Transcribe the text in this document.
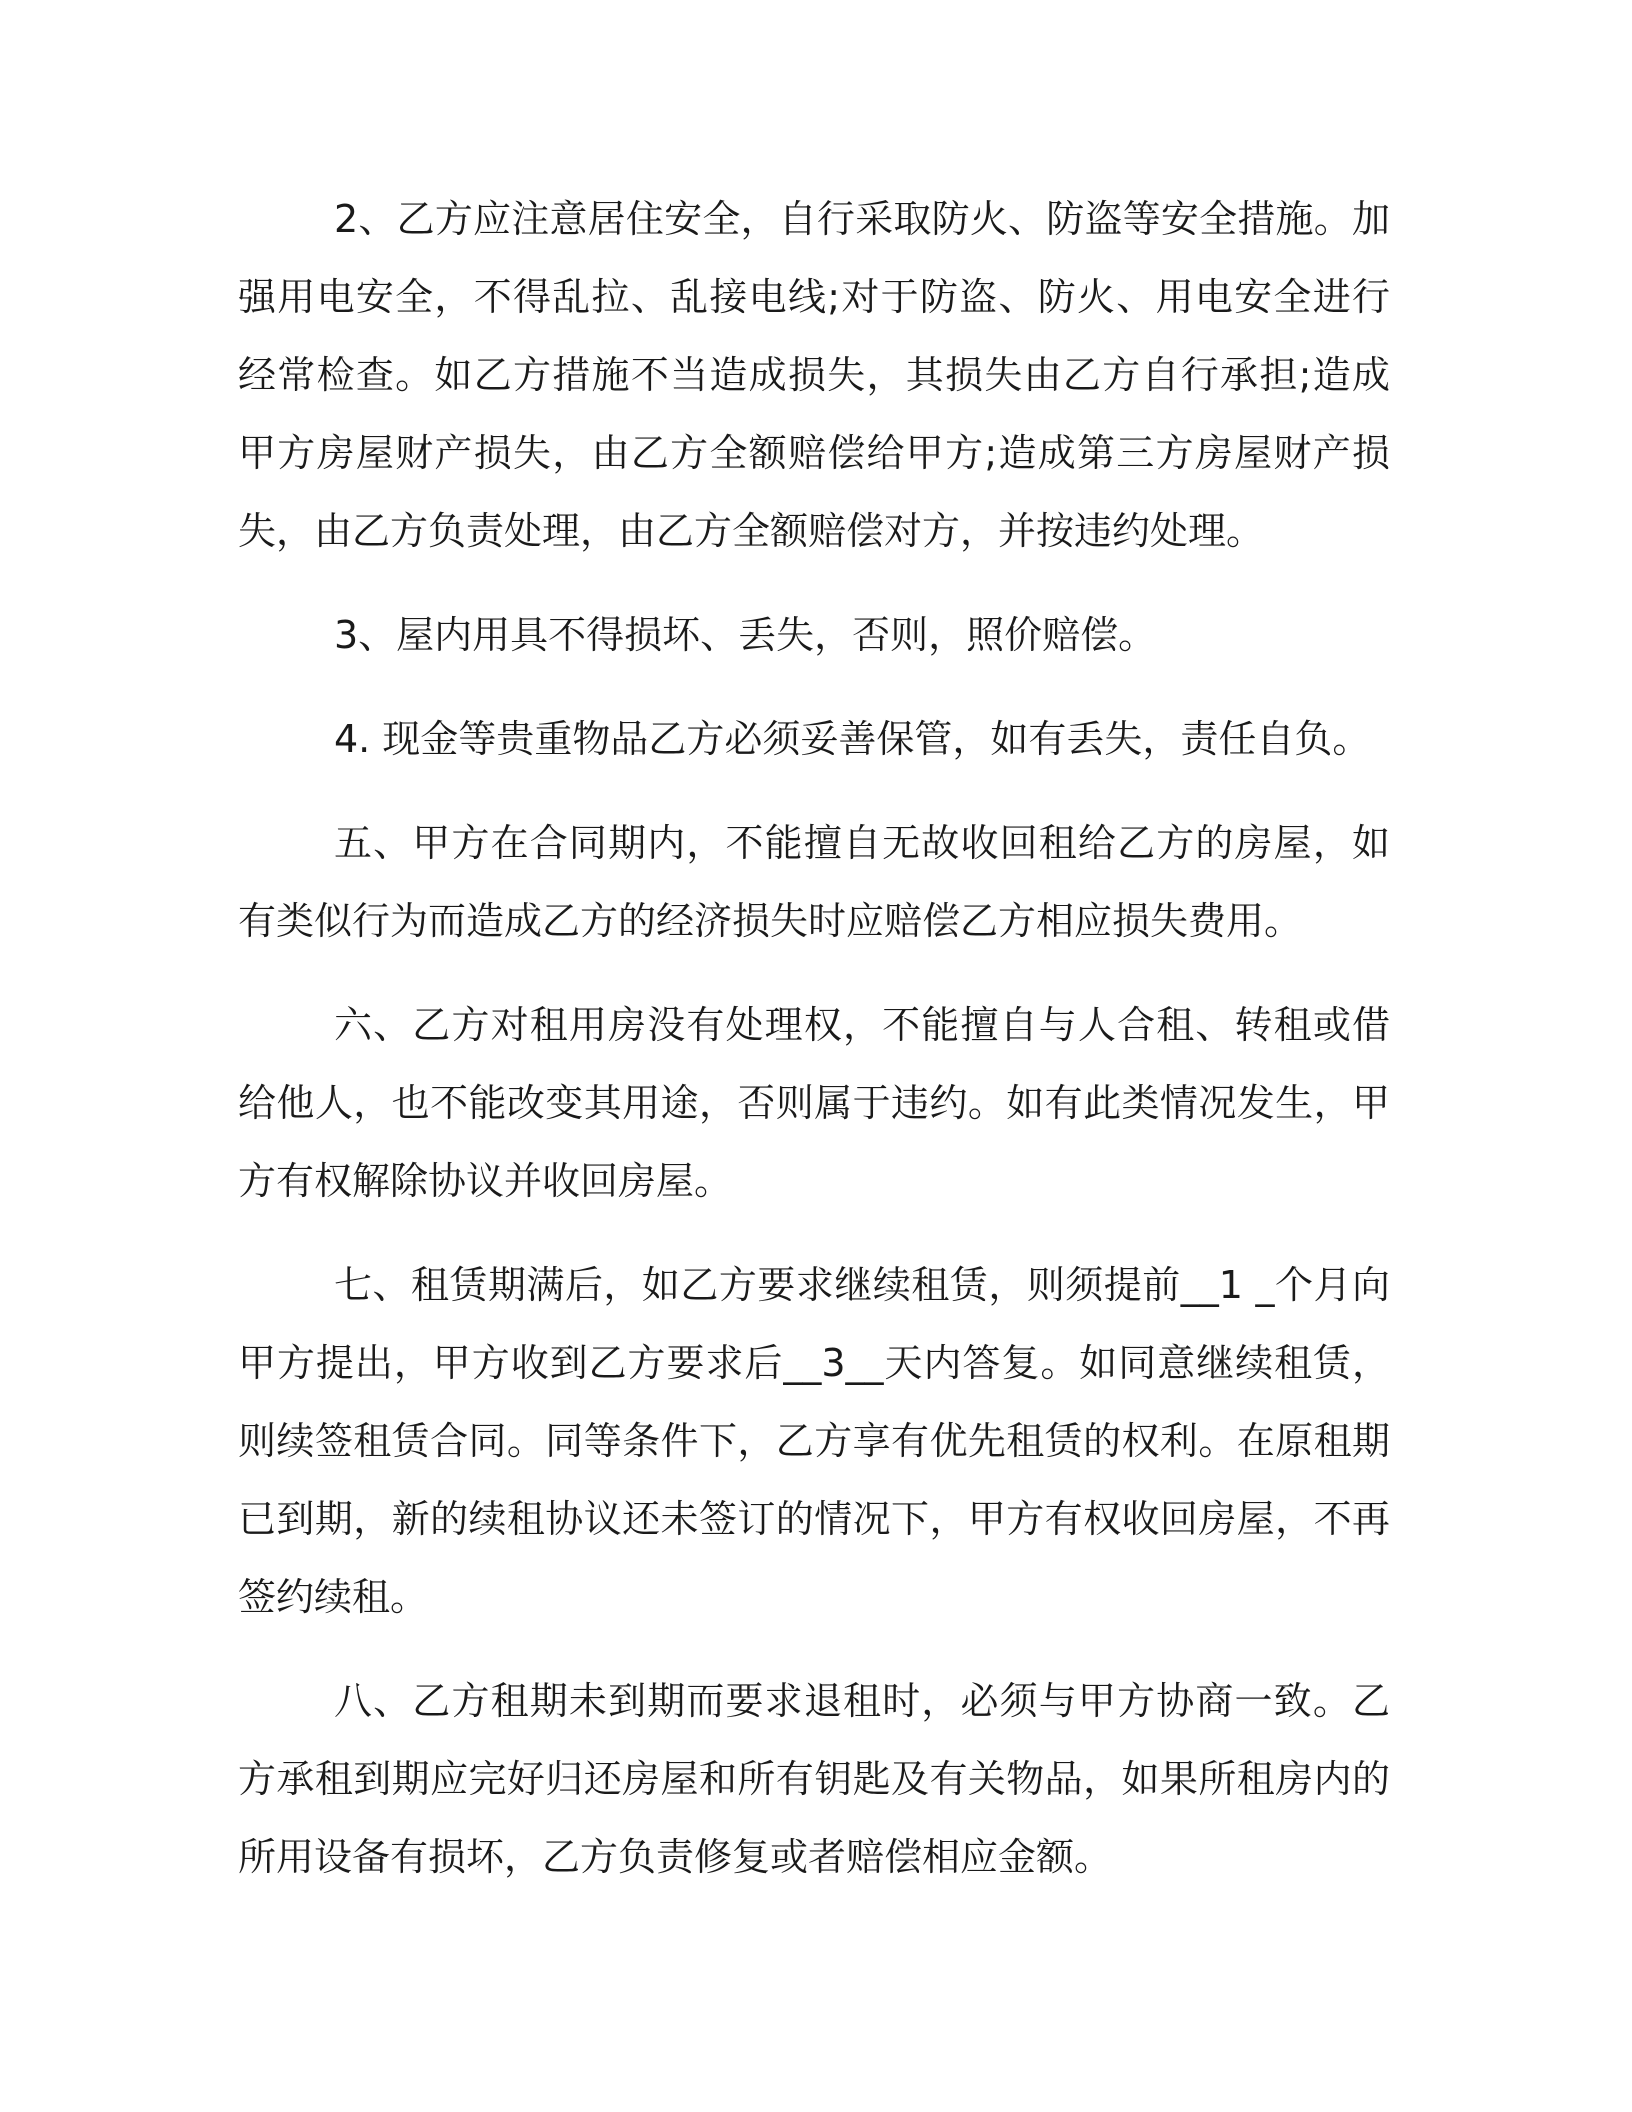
2、乙方应注意居住安全，自行采取防火、防盗等安全措施。加强用电安全，不得乱拉、乱接电线;对于防盗、防火、用电安全进行经常检查。如乙方措施不当造成损失，其损失由乙方自行承担;造成甲方房屋财产损失，由乙方全额赔偿给甲方;造成第三方房屋财产损失，由乙方负责处理，由乙方全额赔偿对方，并按违约处理。

3、屋内用具不得损坏、丢失，否则，照价赔偿。

4. 现金等贵重物品乙方必须妥善保管，如有丢失，责任自负。

五、甲方在合同期内，不能擅自无故收回租给乙方的房屋，如有类似行为而造成乙方的经济损失时应赔偿乙方相应损失费用。

六、乙方对租用房没有处理权，不能擅自与人合租、转租或借给他人，也不能改变其用途，否则属于违约。如有此类情况发生，甲方有权解除协议并收回房屋。

七、租赁期满后，如乙方要求继续租赁，则须提前__1 _个月向甲方提出，甲方收到乙方要求后__3__天内答复。如同意继续租赁，则续签租赁合同。同等条件下，乙方享有优先租赁的权利。在原租期已到期，新的续租协议还未签订的情况下，甲方有权收回房屋，不再签约续租。

八、乙方租期未到期而要求退租时，必须与甲方协商一致。乙方承租到期应完好归还房屋和所有钥匙及有关物品，如果所租房内的所用设备有损坏，乙方负责修复或者赔偿相应金额。
